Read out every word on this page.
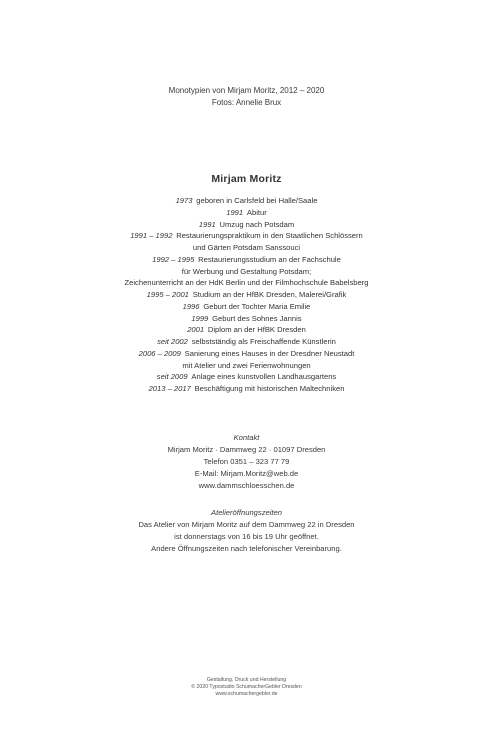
Monotypien von Mirjam Moritz, 2012 – 2020
Fotos: Annelie Brux
Mirjam Moritz
1973  geboren in Carlsfeld bei Halle/Saale
1991  Abitur
1991  Umzug nach Potsdam
1991 – 1992  Restaurierungspraktikum in den Staatlichen Schlössern
und Gärten Potsdam Sanssouci
1992 – 1995  Restaurierungsstudium an der Fachschule
für Werbung und Gestaltung Potsdam;
Zeichenunterricht an der HdK Berlin und der Filmhochschule Babelsberg
1995 – 2001  Studium an der HfBK Dresden, Malerei/Grafik
1996  Geburt der Tochter Maria Emilie
1999  Geburt des Sohnes Jannis
2001  Diplom an der HfBK Dresden
seit 2002  selbstständig als Freischaffende Künstlerin
2006 – 2009  Sanierung eines Hauses in der Dresdner Neustadt
mit Atelier und zwei Ferienwohnungen
seit 2009  Anlage eines kunstvollen Landhausgartens
2013 – 2017  Beschäftigung mit historischen Maltechniken
Kontakt
Mirjam Moritz · Dammweg 22 · 01097 Dresden
Telefon 0351 – 323 77 79
E-Mail: Mirjam.Moritz@web.de
www.dammschloesschen.de
Atelieröffnungszeiten
Das Atelier von Mirjam Moritz auf dem Dammweg 22 in Dresden
ist donnerstags von 16 bis 19 Uhr geöffnet.
Andere Öffnungszeiten nach telefonischer Vereinbarung.
Gestaltung, Druck und Herstellung
© 2020 Typostudio SchumacherGebler Dresden
www.schumachergebler.de
